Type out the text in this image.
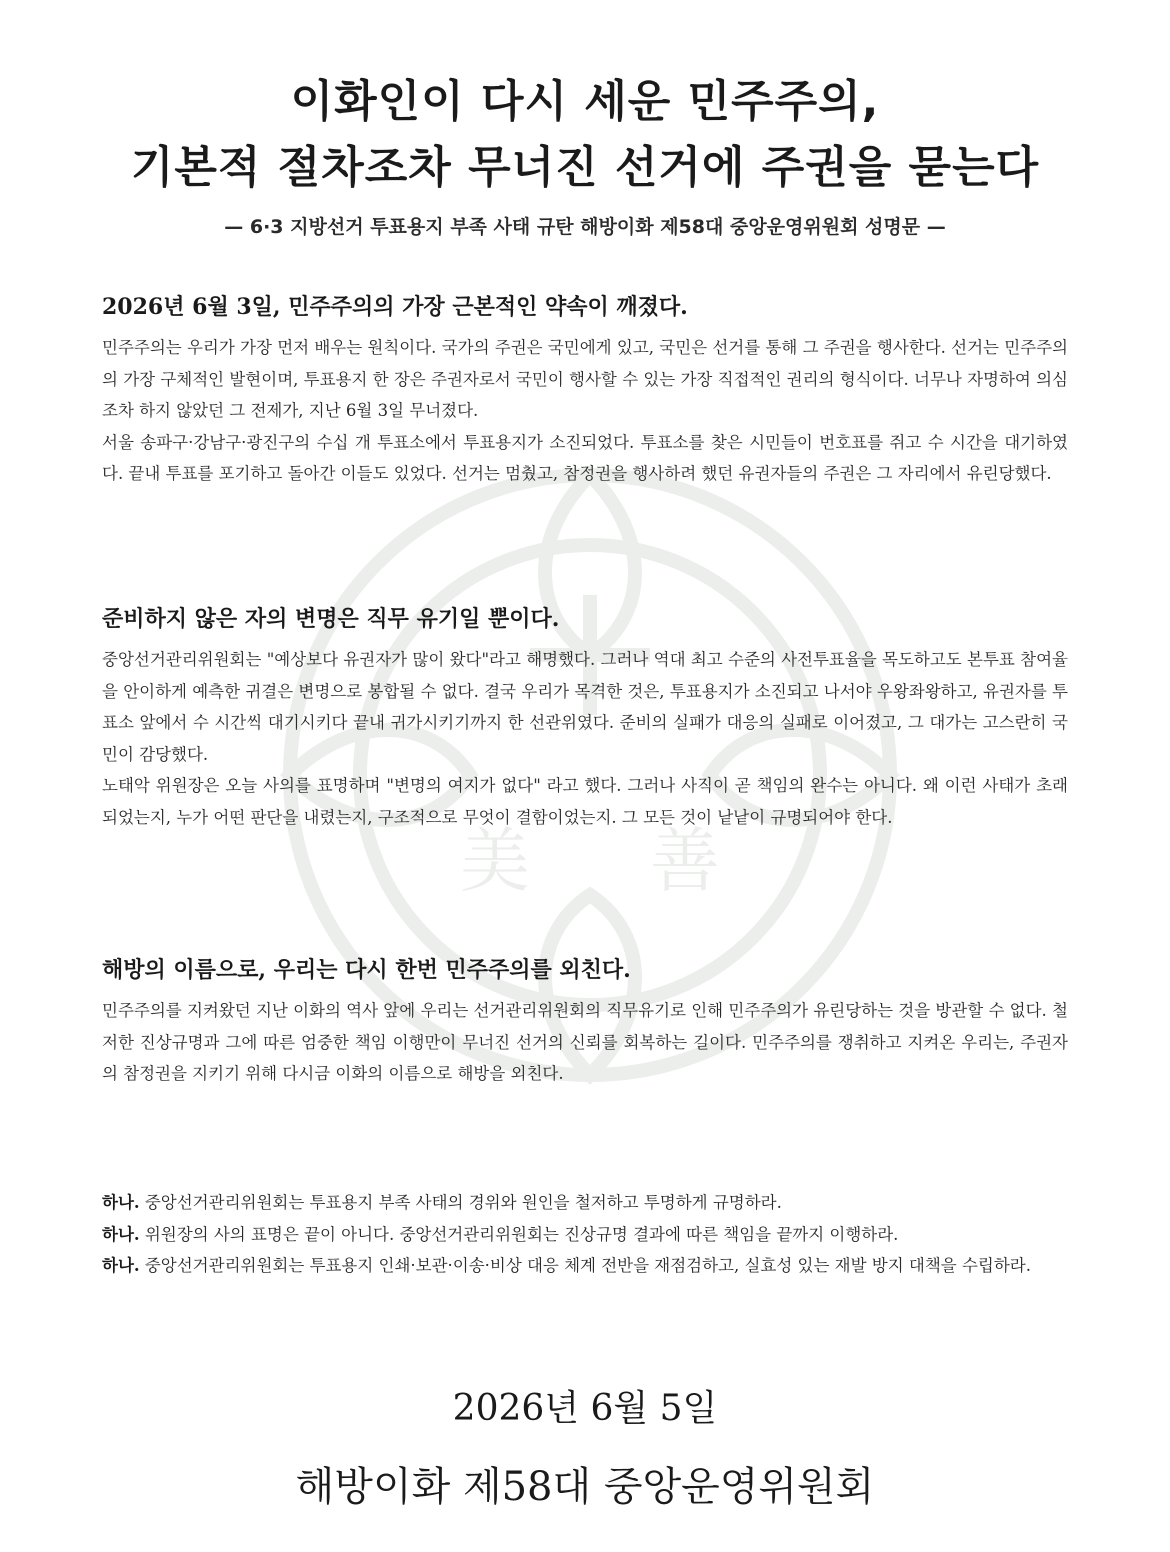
美 善
이화인이 다시 세운 민주주의,
기본적 절차조차 무너진 선거에 주권을 묻는다
— 6·3 지방선거 투표용지 부족 사태 규탄 해방이화 제58대 중앙운영위원회 성명문 —
2026년 6월 3일, 민주주의의 가장 근본적인 약속이 깨졌다.

민주주의는 우리가 가장 먼저 배우는 원칙이다. 국가의 주권은 국민에게 있고, 국민은 선거를 통해 그 주권을 행사한다. 선거는 민주주의의 가장 구체적인 발현이며, 투표용지 한 장은 주권자로서 국민이 행사할 수 있는 가장 직접적인 권리의 형식이다. 너무나 자명하여 의심조차 하지 않았던 그 전제가, 지난 6월 3일 무너졌다.

서울 송파구·강남구·광진구의 수십 개 투표소에서 투표용지가 소진되었다. 투표소를 찾은 시민들이 번호표를 쥐고 수 시간을 대기하였다. 끝내 투표를 포기하고 돌아간 이들도 있었다. 선거는 멈췄고, 참정권을 행사하려 했던 유권자들의 주권은 그 자리에서 유린당했다.

준비하지 않은 자의 변명은 직무 유기일 뿐이다.

중앙선거관리위원회는 "예상보다 유권자가 많이 왔다"라고 해명했다. 그러나 역대 최고 수준의 사전투표율을 목도하고도 본투표 참여율을 안이하게 예측한 귀결은 변명으로 봉합될 수 없다. 결국 우리가 목격한 것은, 투표용지가 소진되고 나서야 우왕좌왕하고, 유권자를 투표소 앞에서 수 시간씩 대기시키다 끝내 귀가시키기까지 한 선관위였다. 준비의 실패가 대응의 실패로 이어졌고, 그 대가는 고스란히 국민이 감당했다.

노태악 위원장은 오늘 사의를 표명하며 "변명의 여지가 없다" 라고 했다. 그러나 사직이 곧 책임의 완수는 아니다. 왜 이런 사태가 초래되었는지, 누가 어떤 판단을 내렸는지, 구조적으로 무엇이 결함이었는지. 그 모든 것이 낱낱이 규명되어야 한다.

해방의 이름으로, 우리는 다시 한번 민주주의를 외친다.

민주주의를 지켜왔던 지난 이화의 역사 앞에 우리는 선거관리위원회의 직무유기로 인해 민주주의가 유린당하는 것을 방관할 수 없다. 철저한 진상규명과 그에 따른 엄중한 책임 이행만이 무너진 선거의 신뢰를 회복하는 길이다. 민주주의를 쟁취하고 지켜온 우리는, 주권자의 참정권을 지키기 위해 다시금 이화의 이름으로 해방을 외친다.

하나. 중앙선거관리위원회는 투표용지 부족 사태의 경위와 원인을 철저하고 투명하게 규명하라.

하나. 위원장의 사의 표명은 끝이 아니다. 중앙선거관리위원회는 진상규명 결과에 따른 책임을 끝까지 이행하라.

하나. 중앙선거관리위원회는 투표용지 인쇄·보관·이송·비상 대응 체계 전반을 재점검하고, 실효성 있는 재발 방지 대책을 수립하라.

2026년 6월 5일
해방이화 제58대 중앙운영위원회
